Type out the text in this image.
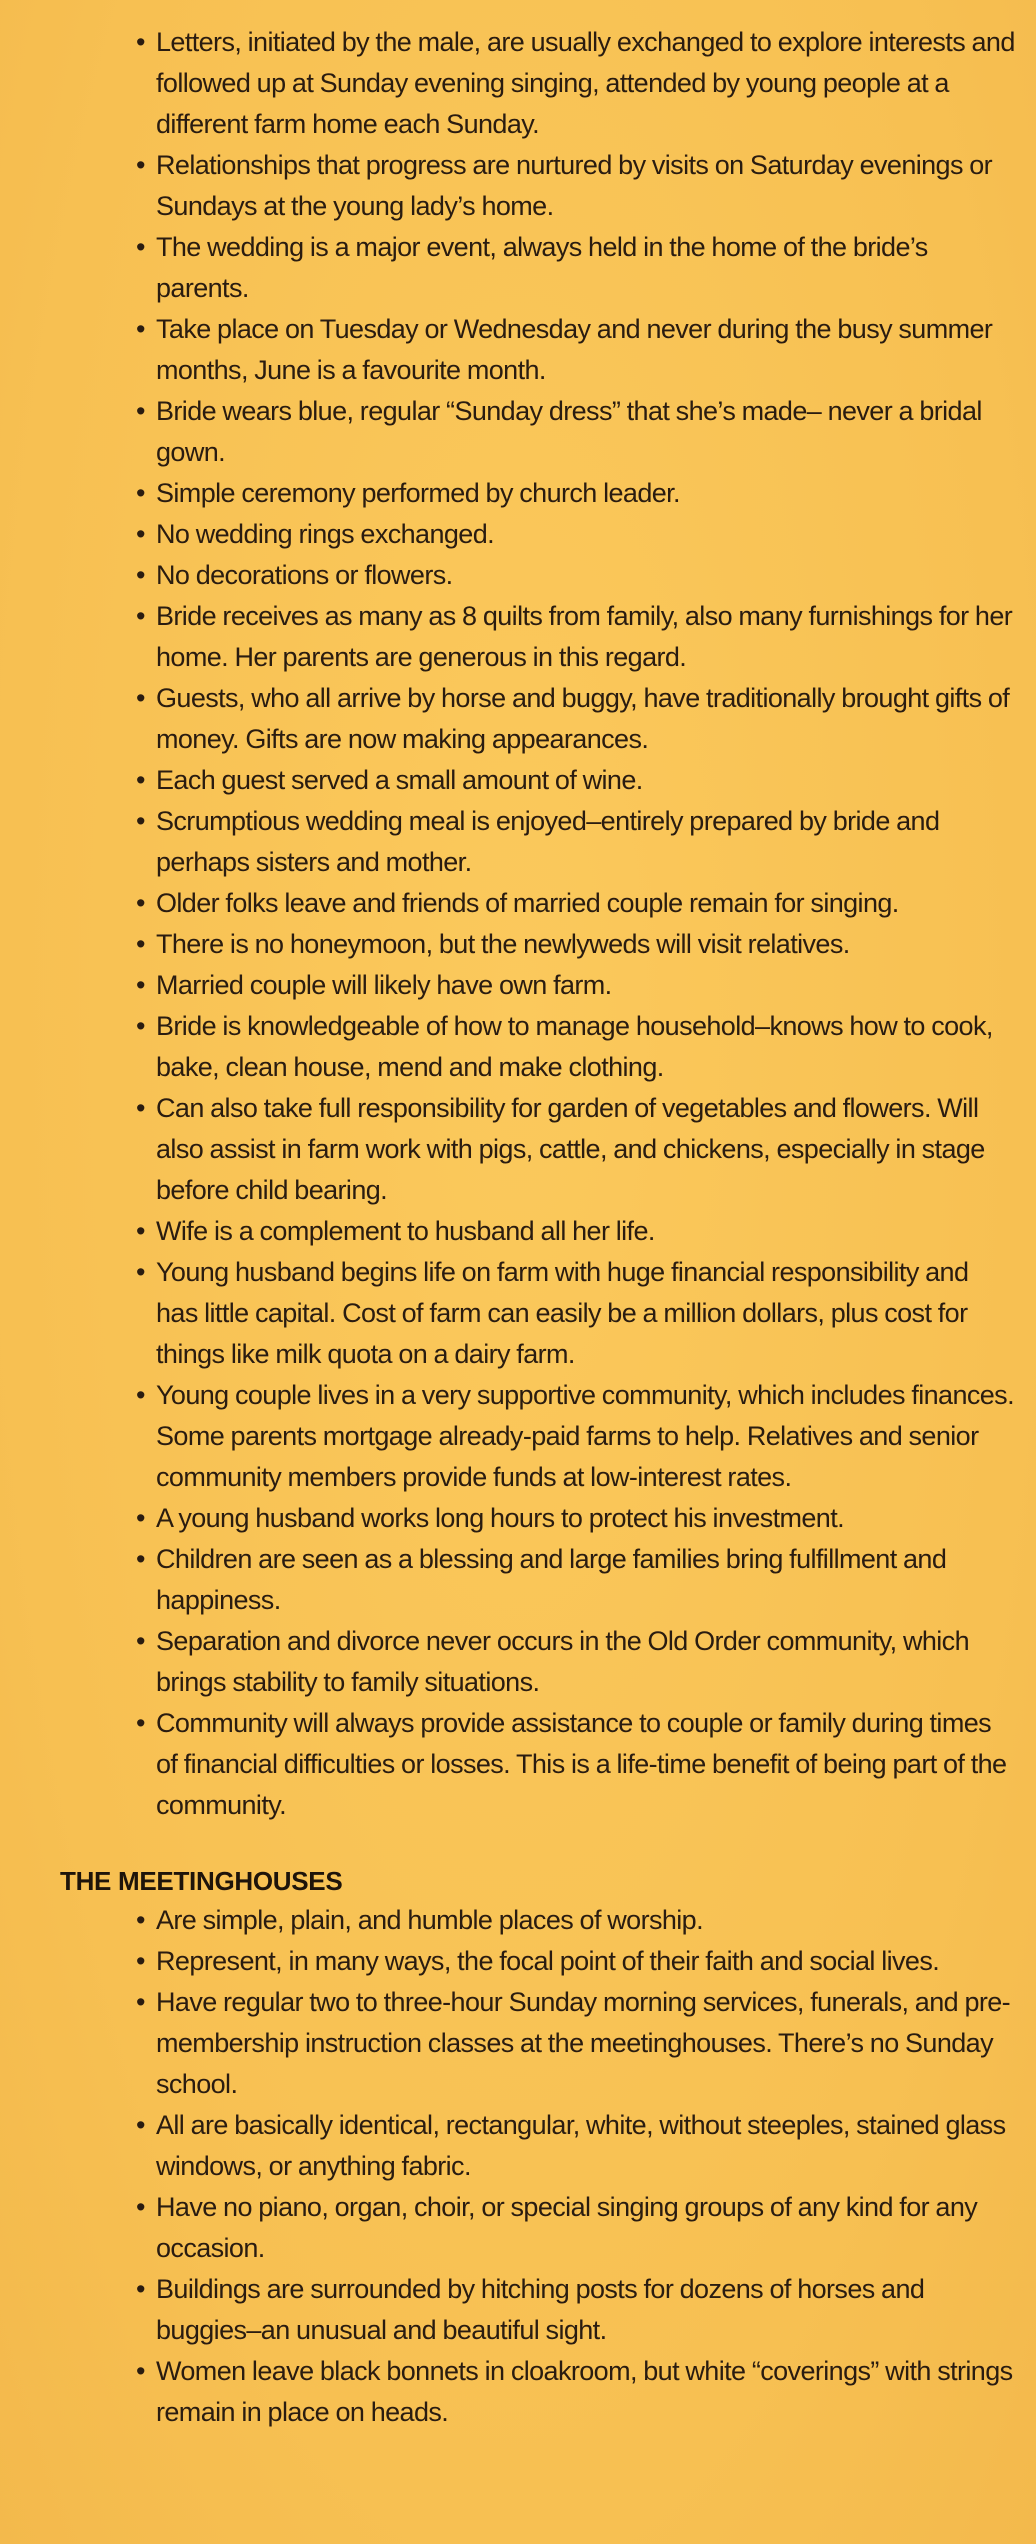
• Letters, initiated by the male, are usually exchanged to explore interests and followed up at Sunday evening singing, attended by young people at a different farm home each Sunday.
• Relationships that progress are nurtured by visits on Saturday evenings or Sundays at the young lady’s home.
• The wedding is a major event, always held in the home of the bride’s parents.
• Take place on Tuesday or Wednesday and never during the busy summer months, June is a favourite month.
• Bride wears blue, regular “Sunday dress” that she’s made– never a bridal gown.
• Simple ceremony performed by church leader.
• No wedding rings exchanged.
• No decorations or flowers.
• Bride receives as many as 8 quilts from family, also many furnishings for her home. Her parents are generous in this regard.
• Guests, who all arrive by horse and buggy, have traditionally brought gifts of money. Gifts are now making appearances.
• Each guest served a small amount of wine.
• Scrumptious wedding meal is enjoyed–entirely prepared by bride and perhaps sisters and mother.
• Older folks leave and friends of married couple remain for singing.
• There is no honeymoon, but the newlyweds will visit relatives.
• Married couple will likely have own farm.
• Bride is knowledgeable of how to manage household–knows how to cook, bake, clean house, mend and make clothing.
• Can also take full responsibility for garden of vegetables and flowers. Will also assist in farm work with pigs, cattle, and chickens, especially in stage before child bearing.
• Wife is a complement to husband all her life.
• Young husband begins life on farm with huge financial responsibility and has little capital. Cost of farm can easily be a million dollars, plus cost for things like milk quota on a dairy farm.
• Young couple lives in a very supportive community, which includes finances. Some parents mortgage already-paid farms to help. Relatives and senior community members provide funds at low-interest rates.
• A young husband works long hours to protect his investment.
• Children are seen as a blessing and large families bring fulfillment and happiness.
• Separation and divorce never occurs in the Old Order community, which brings stability to family situations.
• Community will always provide assistance to couple or family during times of financial difficulties or losses. This is a life-time benefit of being part of the community.
THE MEETINGHOUSES
• Are simple, plain, and humble places of worship.
• Represent, in many ways, the focal point of their faith and social lives.
• Have regular two to three-hour Sunday morning services, funerals, and pre-membership instruction classes at the meetinghouses. There’s no Sunday school.
• All are basically identical, rectangular, white, without steeples, stained glass windows, or anything fabric.
• Have no piano, organ, choir, or special singing groups of any kind for any occasion.
• Buildings are surrounded by hitching posts for dozens of horses and buggies–an unusual and beautiful sight.
• Women leave black bonnets in cloakroom, but white “coverings” with strings remain in place on heads.
